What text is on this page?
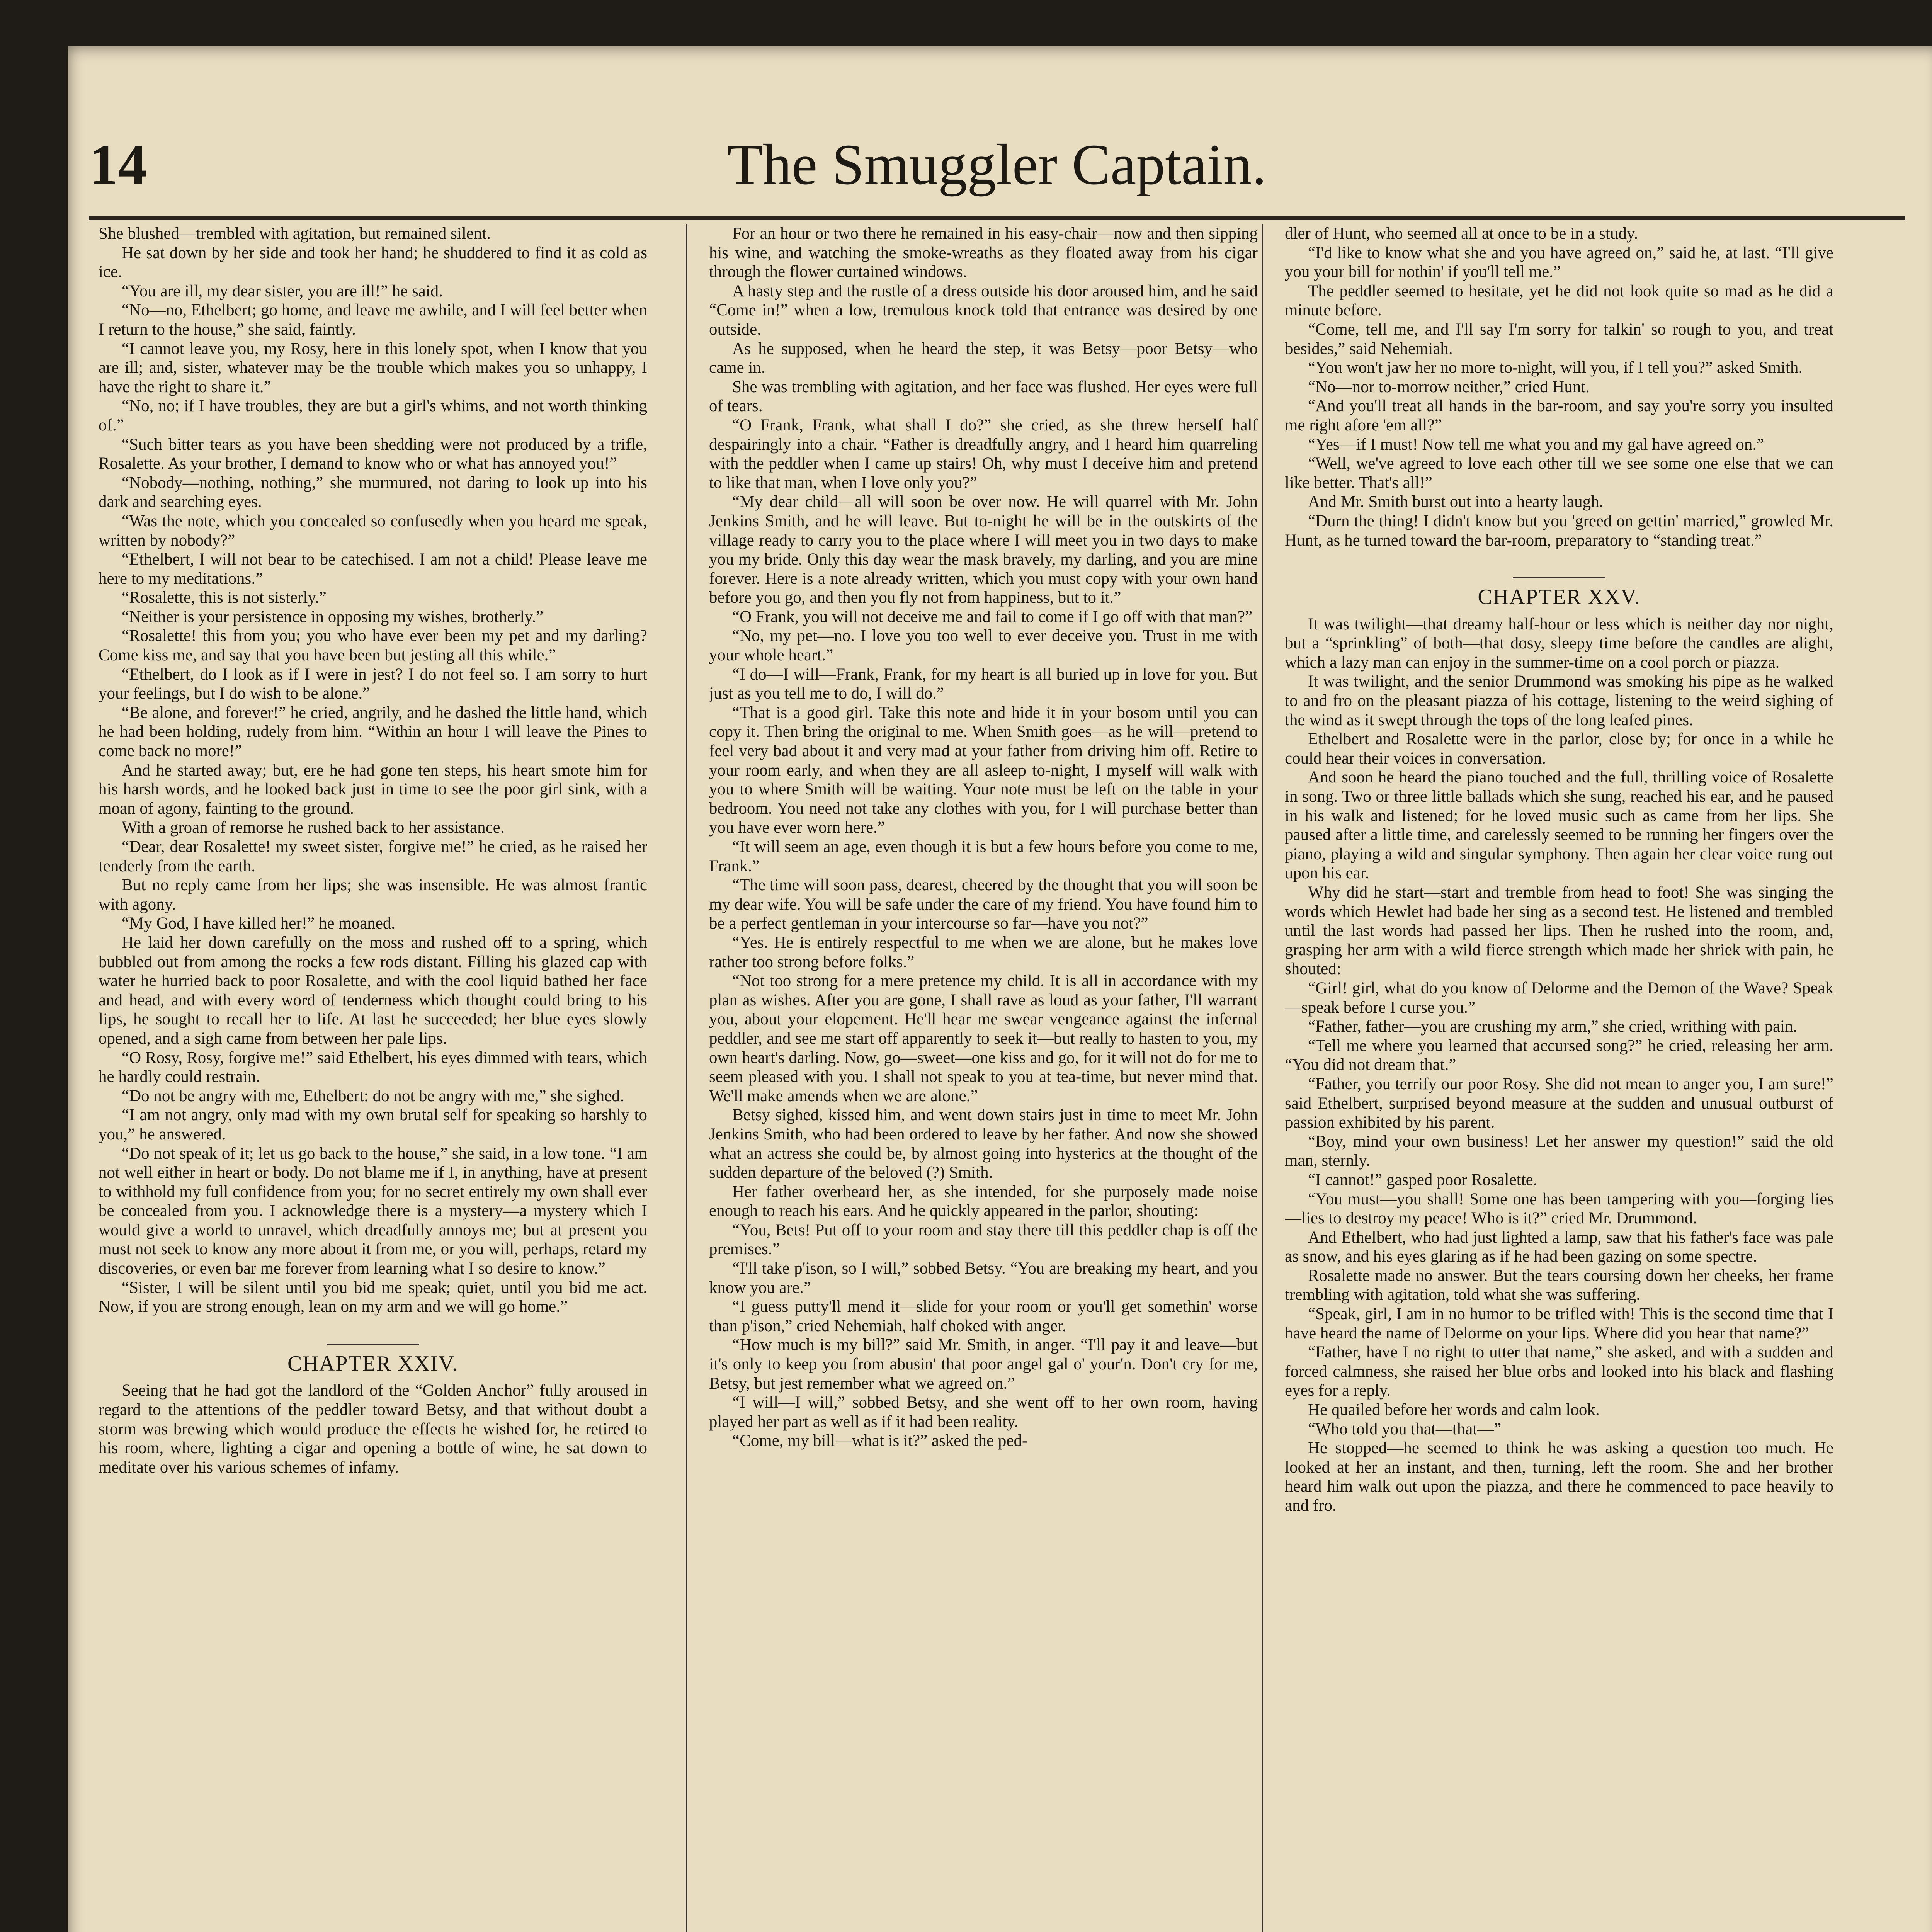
14	The Smuggler Captain.

She blushed—trembled with agitation, but remained silent.

He sat down by her side and took her hand; he shuddered to find it as cold as ice.

“You are ill, my dear sister, you are ill!” he said.

“No—no, Ethelbert; go home, and leave me awhile, and I will feel better when I return to the house,” she said, faintly.

“I cannot leave you, my Rosy, here in this lonely spot, when I know that you are ill; and, sister, whatever may be the trouble which makes you so unhappy, I have the right to share it.”

“No, no; if I have troubles, they are but a girl's whims, and not worth thinking of.”

“Such bitter tears as you have been shedding were not produced by a trifle, Rosalette. As your brother, I demand to know who or what has annoyed you!”

“Nobody—nothing, nothing,” she murmured, not daring to look up into his dark and searching eyes.

“Was the note, which you concealed so confusedly when you heard me speak, written by nobody?”

“Ethelbert, I will not bear to be catechised. I am not a child! Please leave me here to my meditations.”

“Rosalette, this is not sisterly.”

“Neither is your persistence in opposing my wishes, brotherly.”

“Rosalette! this from you; you who have ever been my pet and my darling? Come kiss me, and say that you have been but jesting all this while.”

“Ethelbert, do I look as if I were in jest? I do not feel so. I am sorry to hurt your feelings, but I do wish to be alone.”

“Be alone, and forever!” he cried, angrily, and he dashed the little hand, which he had been holding, rudely from him. “Within an hour I will leave the Pines to come back no more!”

And he started away; but, ere he had gone ten steps, his heart smote him for his harsh words, and he looked back just in time to see the poor girl sink, with a moan of agony, fainting to the ground.

With a groan of remorse he rushed back to her assistance.

“Dear, dear Rosalette! my sweet sister, forgive me!” he cried, as he raised her tenderly from the earth.

But no reply came from her lips; she was insensible. He was almost frantic with agony.

“My God, I have killed her!” he moaned.

He laid her down carefully on the moss and rushed off to a spring, which bubbled out from among the rocks a few rods distant. Filling his glazed cap with water he hurried back to poor Rosalette, and with the cool liquid bathed her face and head, and with every word of tenderness which thought could bring to his lips, he sought to recall her to life. At last he succeeded; her blue eyes slowly opened, and a sigh came from between her pale lips.

“O Rosy, Rosy, forgive me!” said Ethelbert, his eyes dimmed with tears, which he hardly could restrain.

“Do not be angry with me, Ethelbert: do not be angry with me,” she sighed.

“I am not angry, only mad with my own brutal self for speaking so harshly to you,” he answered.

“Do not speak of it; let us go back to the house,” she said, in a low tone. “I am not well either in heart or body. Do not blame me if I, in anything, have at present to withhold my full confidence from you; for no secret entirely my own shall ever be concealed from you. I acknowledge there is a mystery—a mystery which I would give a world to unravel, which dreadfully annoys me; but at present you must not seek to know any more about it from me, or you will, perhaps, retard my discoveries, or even bar me forever from learning what I so desire to know.”

“Sister, I will be silent until you bid me speak; quiet, until you bid me act. Now, if you are strong enough, lean on my arm and we will go home.”

CHAPTER XXIV.

Seeing that he had got the landlord of the “Golden Anchor” fully aroused in regard to the attentions of the peddler toward Betsy, and that without doubt a storm was brewing which would produce the effects he wished for, he retired to his room, where, lighting a cigar and opening a bottle of wine, he sat down to meditate over his various schemes of infamy.

For an hour or two there he remained in his easy-chair—now and then sipping his wine, and watching the smoke-wreaths as they floated away from his cigar through the flower curtained windows.

A hasty step and the rustle of a dress outside his door aroused him, and he said “Come in!” when a low, tremulous knock told that entrance was desired by one outside.

As he supposed, when he heard the step, it was Betsy—poor Betsy—who came in.

She was trembling with agitation, and her face was flushed. Her eyes were full of tears.

“O Frank, Frank, what shall I do?” she cried, as she threw herself half despairingly into a chair. “Father is dreadfully angry, and I heard him quarreling with the peddler when I came up stairs! Oh, why must I deceive him and pretend to like that man, when I love only you?”

“My dear child—all will soon be over now. He will quarrel with Mr. John Jenkins Smith, and he will leave. But to-night he will be in the outskirts of the village ready to carry you to the place where I will meet you in two days to make you my bride. Only this day wear the mask bravely, my darling, and you are mine forever. Here is a note already written, which you must copy with your own hand before you go, and then you fly not from happiness, but to it.”

“O Frank, you will not deceive me and fail to come if I go off with that man?”

“No, my pet—no. I love you too well to ever deceive you. Trust in me with your whole heart.”

“I do—I will—Frank, Frank, for my heart is all buried up in love for you. But just as you tell me to do, I will do.”

“That is a good girl. Take this note and hide it in your bosom until you can copy it. Then bring the original to me. When Smith goes—as he will—pretend to feel very bad about it and very mad at your father from driving him off. Retire to your room early, and when they are all asleep to-night, I myself will walk with you to where Smith will be waiting. Your note must be left on the table in your bedroom. You need not take any clothes with you, for I will purchase better than you have ever worn here.”

“It will seem an age, even though it is but a few hours before you come to me, Frank.”

“The time will soon pass, dearest, cheered by the thought that you will soon be my dear wife. You will be safe under the care of my friend. You have found him to be a perfect gentleman in your intercourse so far—have you not?”

“Yes. He is entirely respectful to me when we are alone, but he makes love rather too strong before folks.”

“Not too strong for a mere pretence my child. It is all in accordance with my plan as wishes. After you are gone, I shall rave as loud as your father, I'll warrant you, about your elopement. He'll hear me swear vengeance against the infernal peddler, and see me start off apparently to seek it—but really to hasten to you, my own heart's darling. Now, go—sweet—one kiss and go, for it will not do for me to seem pleased with you. I shall not speak to you at tea-time, but never mind that. We'll make amends when we are alone.”

Betsy sighed, kissed him, and went down stairs just in time to meet Mr. John Jenkins Smith, who had been ordered to leave by her father. And now she showed what an actress she could be, by almost going into hysterics at the thought of the sudden departure of the beloved (?) Smith.

Her father overheard her, as she intended, for she purposely made noise enough to reach his ears. And he quickly appeared in the parlor, shouting:

“You, Bets! Put off to your room and stay there till this peddler chap is off the premises.”

“I'll take p'ison, so I will,” sobbed Betsy. “You are breaking my heart, and you know you are.”

“I guess putty'll mend it—slide for your room or you'll get somethin' worse than p'ison,” cried Nehemiah, half choked with anger.

“How much is my bill?” said Mr. Smith, in anger. “I'll pay it and leave—but it's only to keep you from abusin' that poor angel gal o' your'n. Don't cry for me, Betsy, but jest remember what we agreed on.”

“I will—I will,” sobbed Betsy, and she went off to her own room, having played her part as well as if it had been reality.

“Come, my bill—what is it?” asked the ped-

dler of Hunt, who seemed all at once to be in a study.

“I'd like to know what she and you have agreed on,” said he, at last. “I'll give you your bill for nothin' if you'll tell me.”

The peddler seemed to hesitate, yet he did not look quite so mad as he did a minute before.

“Come, tell me, and I'll say I'm sorry for talkin' so rough to you, and treat besides,” said Nehemiah.

“You won't jaw her no more to-night, will you, if I tell you?” asked Smith.

“No—nor to-morrow neither,” cried Hunt.

“And you'll treat all hands in the bar-room, and say you're sorry you insulted me right afore 'em all?”

“Yes—if I must! Now tell me what you and my gal have agreed on.”

“Well, we've agreed to love each other till we see some one else that we can like better. That's all!”

And Mr. Smith burst out into a hearty laugh.

“Durn the thing! I didn't know but you 'greed on gettin' married,” growled Mr. Hunt, as he turned toward the bar-room, preparatory to “standing treat.”

CHAPTER XXV.

It was twilight—that dreamy half-hour or less which is neither day nor night, but a “sprinkling” of both—that dosy, sleepy time before the candles are alight, which a lazy man can enjoy in the summer-time on a cool porch or piazza.

It was twilight, and the senior Drummond was smoking his pipe as he walked to and fro on the pleasant piazza of his cottage, listening to the weird sighing of the wind as it swept through the tops of the long leafed pines.

Ethelbert and Rosalette were in the parlor, close by; for once in a while he could hear their voices in conversation.

And soon he heard the piano touched and the full, thrilling voice of Rosalette in song. Two or three little ballads which she sung, reached his ear, and he paused in his walk and listened; for he loved music such as came from her lips. She paused after a little time, and carelessly seemed to be running her fingers over the piano, playing a wild and singular symphony. Then again her clear voice rung out upon his ear.

Why did he start—start and tremble from head to foot! She was singing the words which Hewlet had bade her sing as a second test. He listened and trembled until the last words had passed her lips. Then he rushed into the room, and, grasping her arm with a wild fierce strength which made her shriek with pain, he shouted:

“Girl! girl, what do you know of Delorme and the Demon of the Wave? Speak—speak before I curse you.”

“Father, father—you are crushing my arm,” she cried, writhing with pain.

“Tell me where you learned that accursed song?” he cried, releasing her arm. “You did not dream that.”

“Father, you terrify our poor Rosy. She did not mean to anger you, I am sure!” said Ethelbert, surprised beyond measure at the sudden and unusual outburst of passion exhibited by his parent.

“Boy, mind your own business! Let her answer my question!” said the old man, sternly.

“I cannot!” gasped poor Rosalette.

“You must—you shall! Some one has been tampering with you—forging lies—lies to destroy my peace! Who is it?” cried Mr. Drummond.

And Ethelbert, who had just lighted a lamp, saw that his father's face was pale as snow, and his eyes glaring as if he had been gazing on some spectre.

Rosalette made no answer. But the tears coursing down her cheeks, her frame trembling with agitation, told what she was suffering.

“Speak, girl, I am in no humor to be trifled with! This is the second time that I have heard the name of Delorme on your lips. Where did you hear that name?”

“Father, have I no right to utter that name,” she asked, and with a sudden and forced calmness, she raised her blue orbs and looked into his black and flashing eyes for a reply.

He quailed before her words and calm look.

“Who told you that—that—”

He stopped—he seemed to think he was asking a question too much. He looked at her an instant, and then, turning, left the room. She and her brother heard him walk out upon the piazza, and there he commenced to pace heavily to and fro.
